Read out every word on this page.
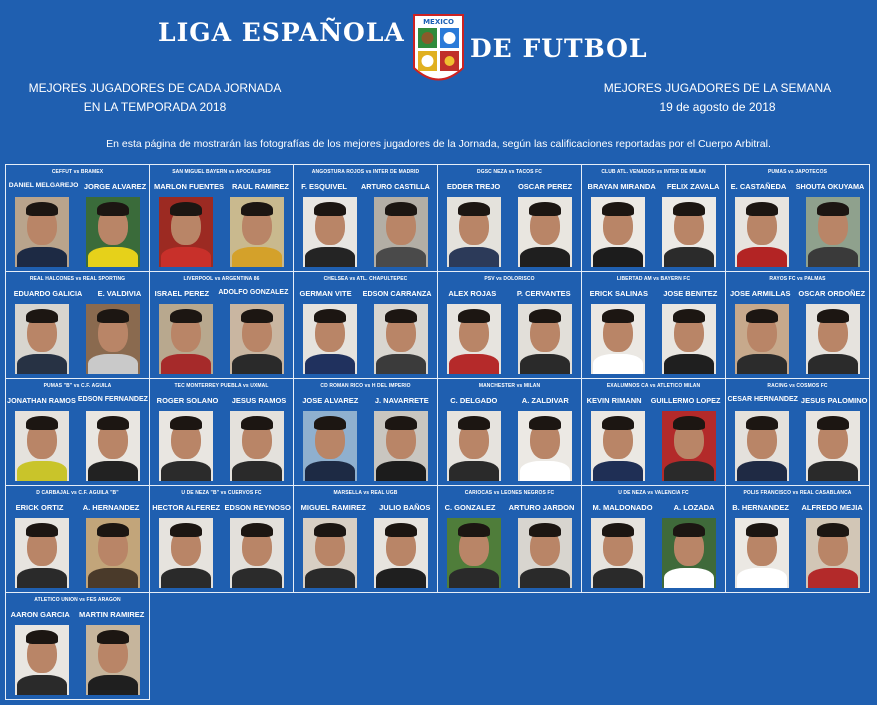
LIGA ESPAÑOLA	MEXICO
DE FUTBOL
MEJORES JUGADORES DE CADA JORNADA
EN LA TEMPORADA 2018
MEJORES JUGADORES DE LA SEMANA
19 de agosto de 2018
En esta página de mostrarán las fotografías de los mejores jugadores de la Jornada, según las calificaciones reportadas por el Cuerpo Arbitral.
CEFFUT vs BRAMEX
DANIEL MELGAREJO JORGE ALVAREZ
SAN MIGUEL BAYERN vs APOCALIPSIS
MARLON FUENTES RAUL RAMIREZ
ANGOSTURA ROJOS vs INTER DE MADRID
F. ESQUIVEL ARTURO CASTILLA
DGSC NEZA vs TACOS FC
EDDER TREJO OSCAR PEREZ
CLUB ATL. VENADOS vs INTER DE MILAN
BRAYAN MIRANDA FELIX ZAVALA
PUMAS vs JAPOTECOS
E. CASTAÑEDA SHOUTA OKUYAMA
REAL HALCONES vs REAL SPORTING
EDUARDO GALICIA E. VALDIVIA
LIVERPOOL vs ARGENTINA 86
ISRAEL PEREZ ADOLFO GONZALEZ
CHELSEA vs ATL. CHAPULTEPEC
GERMAN VITE EDSON CARRANZA
PSV vs DOLORISCO
ALEX ROJAS	P. CERVANTES
LIBERTAD AM vs BAYERN FC
ERICK SALINAS JOSE BENITEZ
RAYOS FC vs PALMAS
JOSE ARMILLAS OSCAR ORDOÑEZ
PUMAS "B" vs C.F. AGUILA
JONATHAN RAMOS EDSON FERNANDEZ
TEC MONTERREY PUEBLA vs UXMAL
ROGER SOLANO JESUS RAMOS
CD ROMAN RICO vs H DEL IMPERIO
JOSE ALVAREZ J. NAVARRETE
MANCHESTER vs MILAN
C. DELGADO	A. ZALDIVAR
EXALUMNOS CA vs ATLETICO MILAN
KEVIN RIMANN GUILLERMO LOPEZ
RACING vs COSMOS FC
CESAR HERNANDEZ JESUS PALOMINO
D CARBAJAL vs C.F. AGUILA "B"
ERICK ORTIZ	A. HERNANDEZ
U DE NEZA "B" vs CUERVOS FC
HECTOR ALFEREZ EDSON REYNOSO
MARSELLA vs REAL UGB
MIGUEL RAMIREZ JULIO BAÑOS
CARIOCAS vs LEONES NEGROS FC
C. GONZALEZ ARTURO JARDON
U DE NEZA vs VALENCIA FC
M. MALDONADO	A. LOZADA
POLIS FRANCISCO vs REAL CASABLANCA
B. HERNANDEZ ALFREDO MEJIA
ATLETICO UNION vs FES ARAGON
AARON GARCIA MARTIN RAMIREZ
